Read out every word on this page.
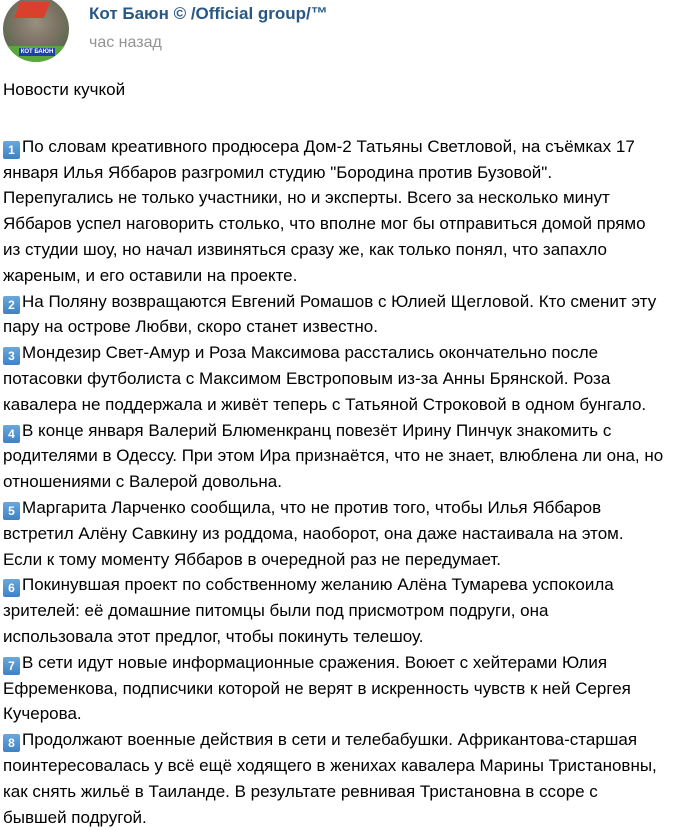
КОТ БАЮН
Кот Баюн © /Official group/™
час назад
Новости кучкой
1 По словам креативного продюсера Дом-2 Татьяны Светловой, на съёмках 17
января Илья Яббаров разгромил студию "Бородина против Бузовой".
Перепугались не только участники, но и эксперты. Всего за несколько минут
Яббаров успел наговорить столько, что вполне мог бы отправиться домой прямо
из студии шоу, но начал извиняться сразу же, как только понял, что запахло
жареным, и его оставили на проекте.
2 На Поляну возвращаются Евгений Ромашов с Юлией Щегловой. Кто сменит эту
пару на острове Любви, скоро станет известно.
3 Мондезир Свет-Амур и Роза Максимова расстались окончательно после
потасовки футболиста с Максимом Евстроповым из-за Анны Брянской. Роза
кавалера не поддержала и живёт теперь с Татьяной Строковой в одном бунгало.
4 В конце января Валерий Блюменкранц повезёт Ирину Пинчук знакомить с
родителями в Одессу. При этом Ира признаётся, что не знает, влюблена ли она, но
отношениями с Валерой довольна.
5 Маргарита Ларченко сообщила, что не против того, чтобы Илья Яббаров
встретил Алёну Савкину из роддома, наоборот, она даже настаивала на этом.
Если к тому моменту Яббаров в очередной раз не передумает.
6 Покинувшая проект по собственному желанию Алёна Тумарева успокоила
зрителей: её домашние питомцы были под присмотром подруги, она
использовала этот предлог, чтобы покинуть телешоу.
7 В сети идут новые информационные сражения. Воюет с хейтерами Юлия
Ефременкова, подписчики которой не верят в искренность чувств к ней Сергея
Кучерова.
8 Продолжают военные действия в сети и телебабушки. Африкантова-старшая
поинтересовалась у всё ещё ходящего в женихах кавалера Марины Тристановны,
как снять жильё в Таиланде. В результате ревнивая Тристановна в ссоре с
бывшей подругой.
